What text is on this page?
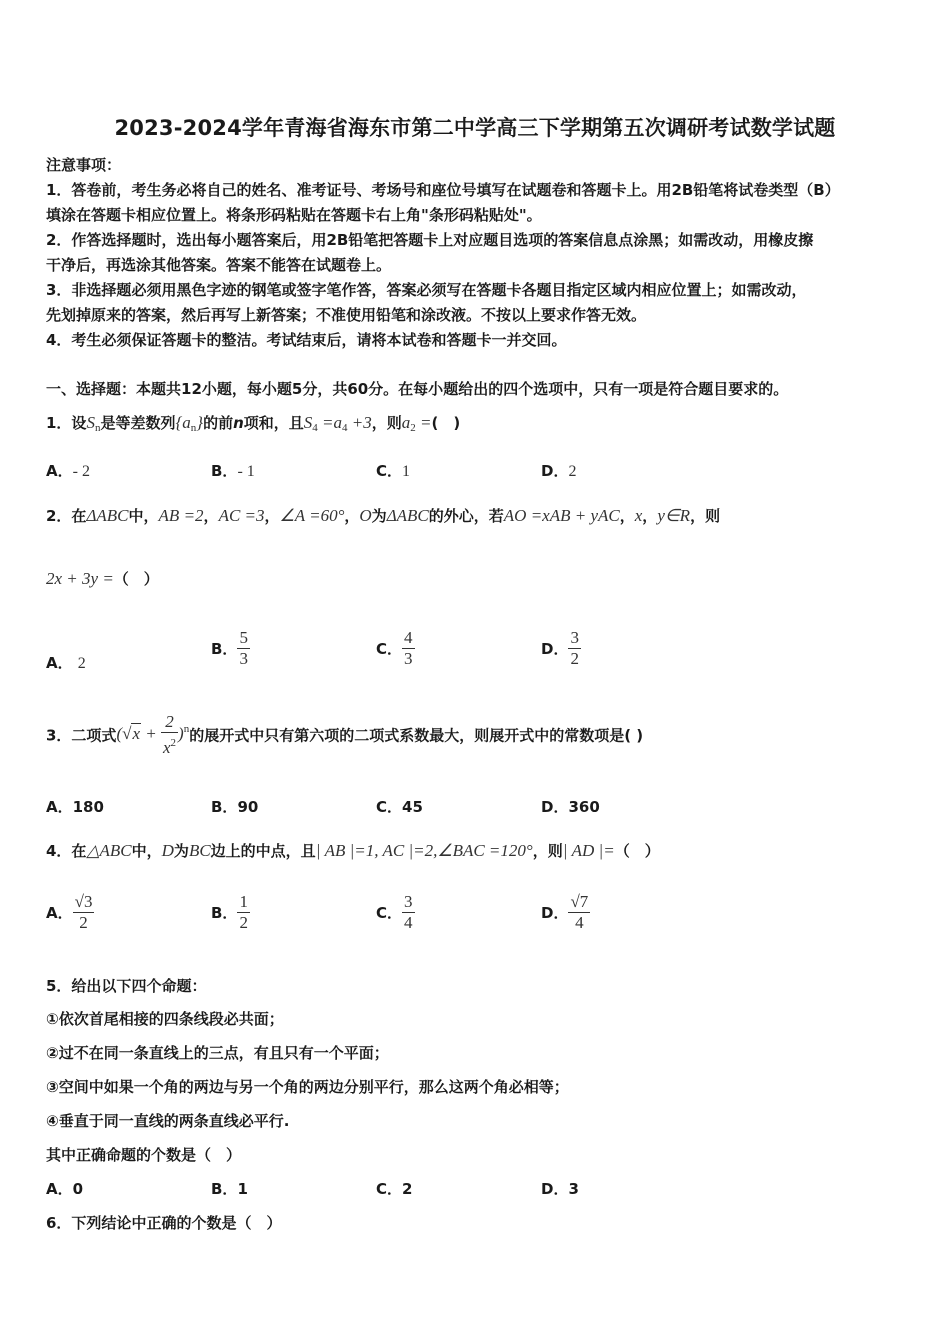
2023-2024学年青海省海东市第二中学高三下学期第五次调研考试数学试题
注意事项：
1．答卷前，考生务必将自己的姓名、准考证号、考场号和座位号填写在试题卷和答题卡上。用2B铅笔将试卷类型（B）
填涂在答题卡相应位置上。将条形码粘贴在答题卡右上角"条形码粘贴处"。
2．作答选择题时，选出每小题答案后，用2B铅笔把答题卡上对应题目选项的答案信息点涂黑；如需改动，用橡皮擦
干净后，再选涂其他答案。答案不能答在试题卷上。
3．非选择题必须用黑色字迹的钢笔或签字笔作答，答案必须写在答题卡各题目指定区域内相应位置上；如需改动，
先划掉原来的答案，然后再写上新答案；不准使用铅笔和涂改液。不按以上要求作答无效。
4．考生必须保证答题卡的整洁。考试结束后，请将本试卷和答题卡一并交回。
一、选择题：本题共12小题，每小题5分，共60分。在每小题给出的四个选项中，只有一项是符合题目要求的。
1．设$S_n$是等差数列$\{a_n\}$的前n项和，且$S_4 =a_4 +3$，则$a_2$ =(　)
A．- 2	B．- 1	C．1	D．2
2．在ΔABC中，AB =2，AC =3，∠A =60°，O为ΔABC的外心，若AO =xAB + yAC，x，y∈R，则
2x + 3y =（　）
A． 2
B． $\frac{5}{3}$	C． $\frac{4}{3}$	D． $\frac{3}{2}$
3．二项式$(√x + \frac{2}{x^2} )^n$的展开式中只有第六项的二项式系数最大，则展开式中的常数项是( )
A．180	B．90	C．45	D．360
4．在△ABC中，D为BC边上的中点，且| AB |=1, AC |=2,∠BAC =120°，则| AD |=（　）
A． $\frac{√3}{2}$	B． $\frac{1}{2}$	C． $\frac{3}{4}$	D． $\frac{√7}{4}$
5．给出以下四个命题：
①依次首尾相接的四条线段必共面；
②过不在同一条直线上的三点，有且只有一个平面；
③空间中如果一个角的两边与另一个角的两边分别平行，那么这两个角必相等；
④垂直于同一直线的两条直线必平行.
其中正确命题的个数是（　）
A．0	B．1	C．2	D．3
6．下列结论中正确的个数是（　）
